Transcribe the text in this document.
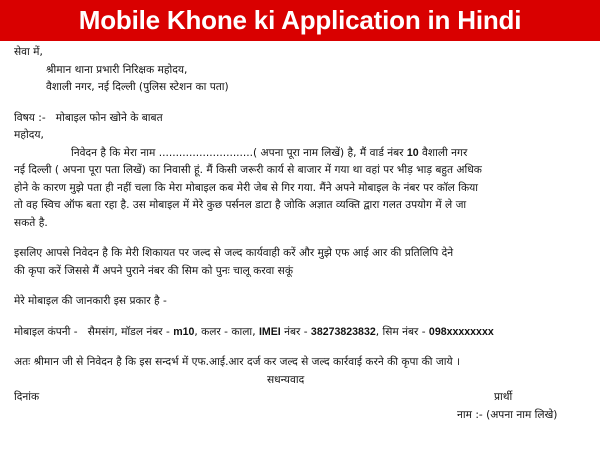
Mobile Khone ki Application in Hindi
सेवा में,
श्रीमान थाना प्रभारी निरिक्षक महोदय,
वैशाली नगर, नई दिल्ली (पुलिस स्टेशन का पता)
विषय :- मोबाइल फोन खोने के बाबत
महोदय,
निवेदन है कि मेरा नाम ............................( अपना पूरा नाम लिखें) है, मैं वार्ड नंबर 10 वैशाली नगर
नई दिल्ली ( अपना पूरा पता लिखें) का निवासी हूं. मैं किसी जरूरी कार्य से बाजार में गया था वहां पर भीड़ भाड़ बहुत अधिक
होने के कारण मुझे पता ही नहीं चला कि मेरा मोबाइल कब मेरी जेब से गिर गया. मैंने अपने मोबाइल के नंबर पर कॉल किया
तो वह स्विच ऑफ बता रहा है. उस मोबाइल में मेरे कुछ पर्सनल डाटा है जोकि अज्ञात व्यक्ति द्वारा गलत उपयोग में ले जा
सकते है.
इसलिए आपसे निवेदन है कि मेरी शिकायत पर जल्द से जल्द कार्यवाही करें और मुझे एफ आई आर की प्रतिलिपि देने
की कृपा करें जिससे मैं अपने पुराने नंबर की सिम को पुनः चालू करवा सकूं
मेरे मोबाइल की जानकारी इस प्रकार है -
मोबाइल कंपनी - सैमसंग, मॉडल नंबर - m10, कलर - काला, IMEI नंबर - 38273823832, सिम नंबर - 098xxxxxxxx
अतः श्रीमान जी से निवेदन है कि इस सन्दर्भ में एफ.आई.आर दर्ज कर जल्द से जल्द कार्रवाई करने की कृपा की जाये ।
सधन्यवाद
दिनांक	प्रार्थी
नाम :- (अपना नाम लिखे)
